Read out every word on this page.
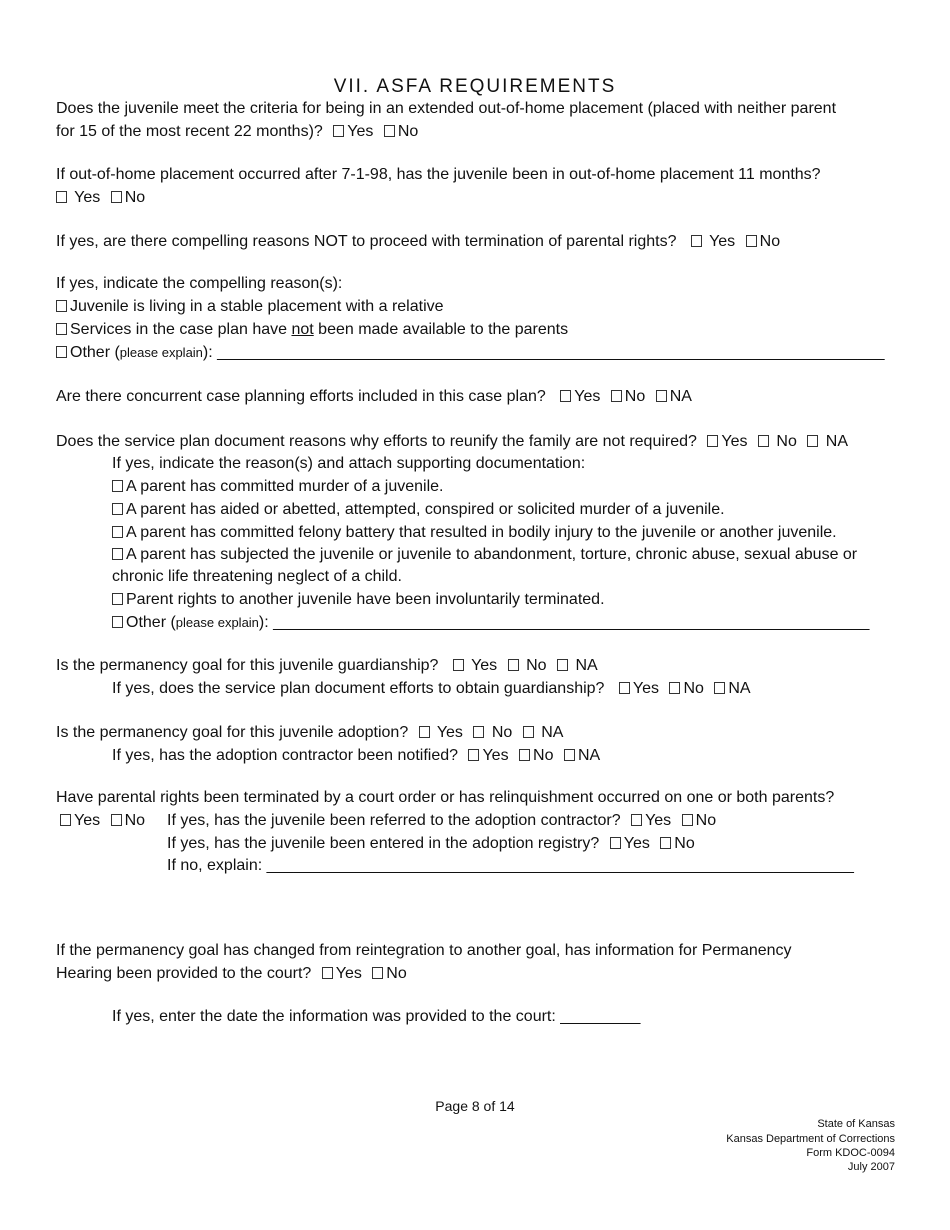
VII. ASFA REQUIREMENTS
Does the juvenile meet the criteria for being in an extended out-of-home placement (placed with neither parent
for 15 of the most recent 22 months)? Yes No
If out-of-home placement occurred after 7-1-98, has the juvenile been in out-of-home placement 11 months?
Yes No
If yes, are there compelling reasons NOT to proceed with termination of parental rights? Yes No
If yes, indicate the compelling reason(s):
Juvenile is living in a stable placement with a relative
Services in the case plan have not been made available to the parents
Other (please explain): ___________________________________________________________________________
Are there concurrent case planning efforts included in this case plan? Yes No NA
Does the service plan document reasons why efforts to reunify the family are not required? Yes No NA
If yes, indicate the reason(s) and attach supporting documentation:
A parent has committed murder of a juvenile.
A parent has aided or abetted, attempted, conspired or solicited murder of a juvenile.
A parent has committed felony battery that resulted in bodily injury to the juvenile or another juvenile.
A parent has subjected the juvenile or juvenile to abandonment, torture, chronic abuse, sexual abuse or
chronic life threatening neglect of a child.
Parent rights to another juvenile have been involuntarily terminated.
Other (please explain): ___________________________________________________________________
Is the permanency goal for this juvenile guardianship? Yes No NA
If yes, does the service plan document efforts to obtain guardianship? Yes No NA
Is the permanency goal for this juvenile adoption? Yes No NA
If yes, has the adoption contractor been notified? Yes No NA
Have parental rights been terminated by a court order or has relinquishment occurred on one or both parents?
Yes No If yes, has the juvenile been referred to the adoption contractor? Yes No
If yes, has the juvenile been entered in the adoption registry? Yes No
If no, explain: __________________________________________________________________
If the permanency goal has changed from reintegration to another goal, has information for Permanency
Hearing been provided to the court? Yes No
If yes, enter the date the information was provided to the court: _________
Page 8 of 14
State of Kansas
Kansas Department of Corrections
Form KDOC-0094
July 2007
